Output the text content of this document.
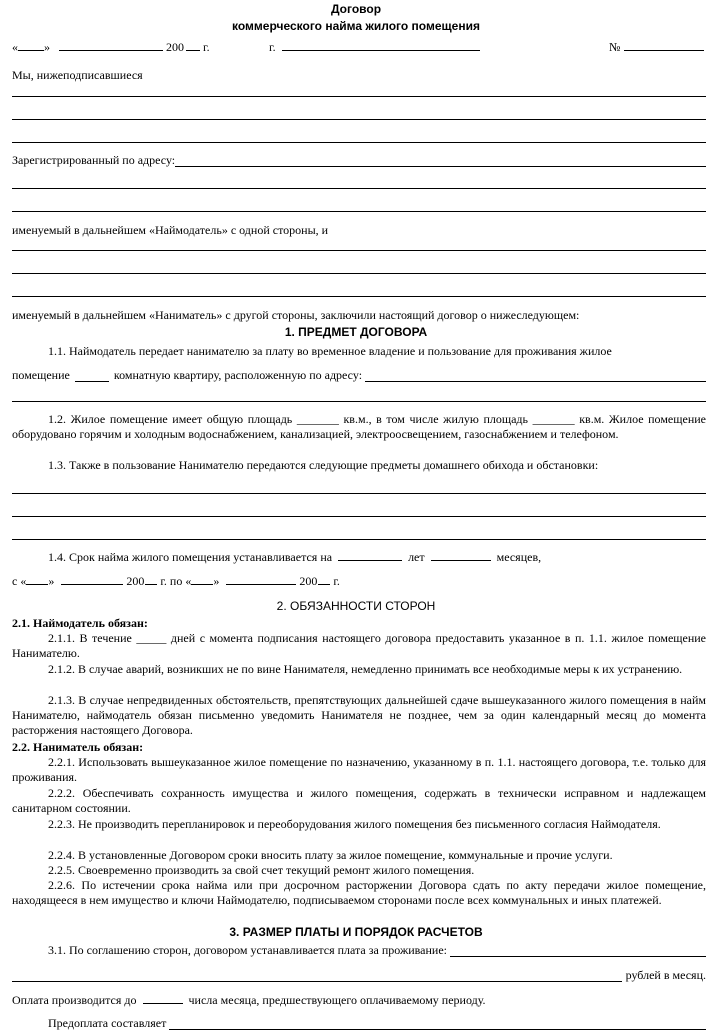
Договор
коммерческого найма жилого помещения
« »	200 г.	г.	№
Мы, нижеподписавшиеся
Зарегистрированный по адресу:
именуемый в дальнейшем «Наймодатель» с одной стороны, и
именуемый в дальнейшем «Наниматель» с другой стороны, заключили настоящий договор о нижеследующем:
1. ПРЕДМЕТ ДОГОВОРА
1.1. Наймодатель передает нанимателю за плату во временное владение и пользование для проживания жилое
помещение	комнатную квартиру, расположенную по адресу:
1.2. Жилое помещение имеет общую площадь _______ кв.м., в том числе жилую площадь _______ кв.м. Жилое помещение оборудовано горячим и холодным водоснабжением, канализацией, электроосвещением, газоснабжением и телефоном.
1.3. Также в пользование Нанимателю передаются следующие предметы домашнего обихода и обстановки:
1.4. Срок найма жилого помещения устанавливается на	лет	месяцев,
с « »	200 г. по « »	200 г.
2. ОБЯЗАННОСТИ СТОРОН
2.1. Наймодатель обязан:
2.1.1. В течение _____ дней с момента подписания настоящего договора предоставить указанное в п. 1.1. жилое помещение Нанимателю.
2.1.2. В случае аварий, возникших не по вине Нанимателя, немедленно принимать все необходимые меры к их устранению.
2.1.3. В случае непредвиденных обстоятельств, препятствующих дальнейшей сдаче вышеуказанного жилого помещения в найм Нанимателю, наймодатель обязан письменно уведомить Нанимателя не позднее, чем за один календарный месяц до момента расторжения настоящего Договора.
2.2. Наниматель обязан:
2.2.1. Использовать вышеуказанное жилое помещение по назначению, указанному в п. 1.1. настоящего договора, т.е. только для проживания.
2.2.2. Обеспечивать сохранность имущества и жилого помещения, содержать в технически исправном и надлежащем санитарном состоянии.
2.2.3. Не производить перепланировок и переоборудования жилого помещения без письменного согласия Наймодателя.
2.2.4. В установленные Договором сроки вносить плату за жилое помещение, коммунальные и прочие услуги.
2.2.5. Своевременно производить за свой счет текущий ремонт жилого помещения.
2.2.6. По истечении срока найма или при досрочном расторжении Договора сдать по акту передачи жилое помещение, находящееся в нем имущество и ключи Наймодателю, подписываемом сторонами после всех коммунальных и иных платежей.
3. РАЗМЕР ПЛАТЫ И ПОРЯДОК РАСЧЕТОВ
3.1. По соглашению сторон, договором устанавливается плата за проживание:
рублей в месяц.
Оплата производится до	числа месяца, предшествующего оплачиваемому периоду.
Предоплата составляет
